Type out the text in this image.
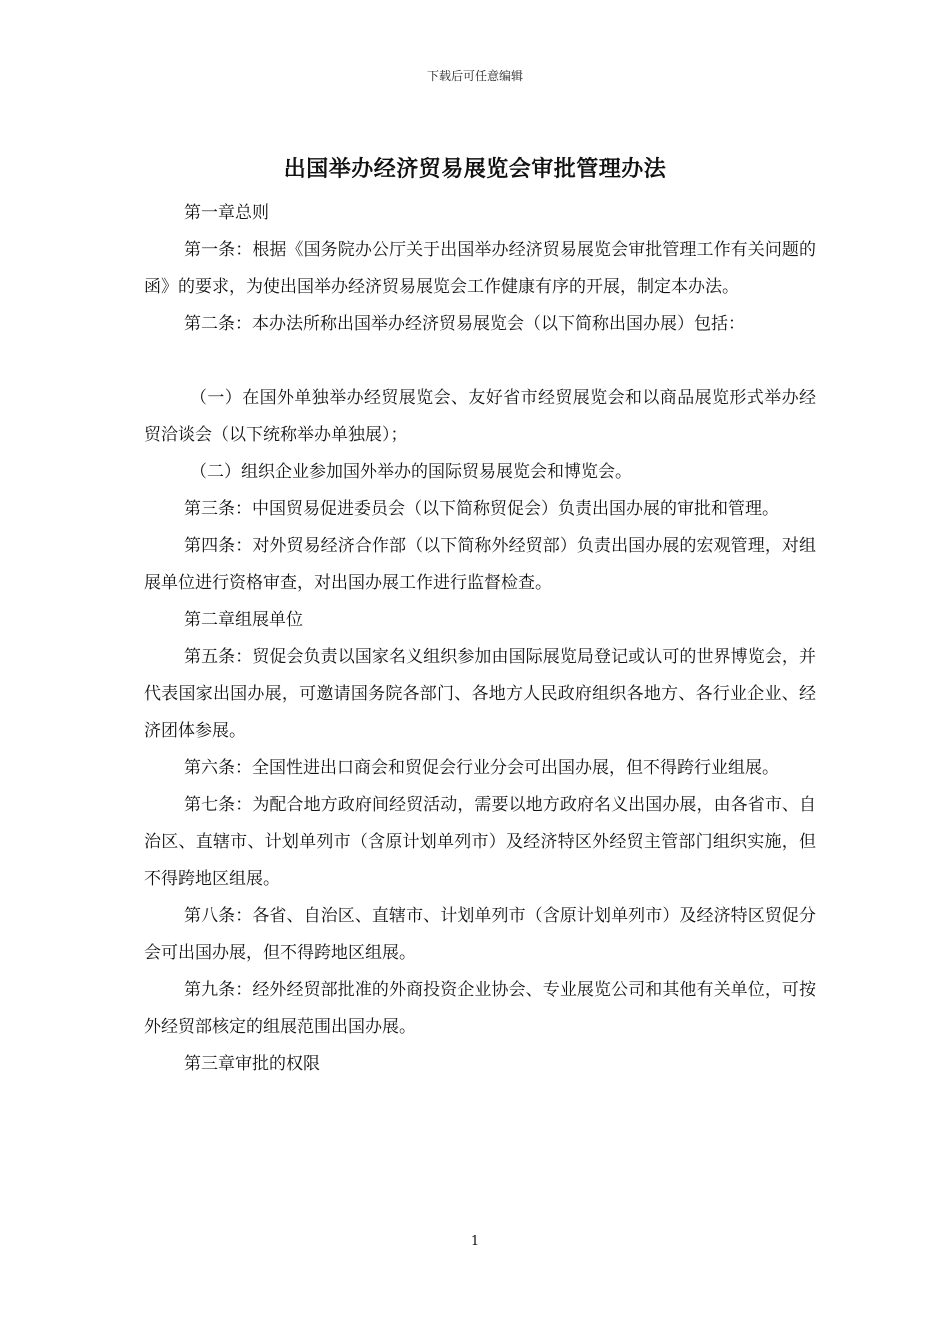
下载后可任意编辑
出国举办经济贸易展览会审批管理办法

第一章总则

第一条：根据《国务院办公厅关于出国举办经济贸易展览会审批管理工作有关问题的函》的要求，为使出国举办经济贸易展览会工作健康有序的开展，制定本办法。

第二条：本办法所称出国举办经济贸易展览会（以下简称出国办展）包括：

（一）在国外单独举办经贸展览会、友好省市经贸展览会和以商品展览形式举办经贸洽谈会（以下统称举办单独展）；

（二）组织企业参加国外举办的国际贸易展览会和博览会。

第三条：中国贸易促进委员会（以下简称贸促会）负责出国办展的审批和管理。

第四条：对外贸易经济合作部（以下简称外经贸部）负责出国办展的宏观管理，对组展单位进行资格审查，对出国办展工作进行监督检查。

第二章组展单位

第五条：贸促会负责以国家名义组织参加由国际展览局登记或认可的世界博览会，并代表国家出国办展，可邀请国务院各部门、各地方人民政府组织各地方、各行业企业、经济团体参展。

第六条：全国性进出口商会和贸促会行业分会可出国办展，但不得跨行业组展。

第七条：为配合地方政府间经贸活动，需要以地方政府名义出国办展，由各省市、自治区、直辖市、计划单列市（含原计划单列市）及经济特区外经贸主管部门组织实施，但不得跨地区组展。

第八条：各省、自治区、直辖市、计划单列市（含原计划单列市）及经济特区贸促分会可出国办展，但不得跨地区组展。

第九条：经外经贸部批准的外商投资企业协会、专业展览公司和其他有关单位，可按外经贸部核定的组展范围出国办展。

第三章审批的权限

1
